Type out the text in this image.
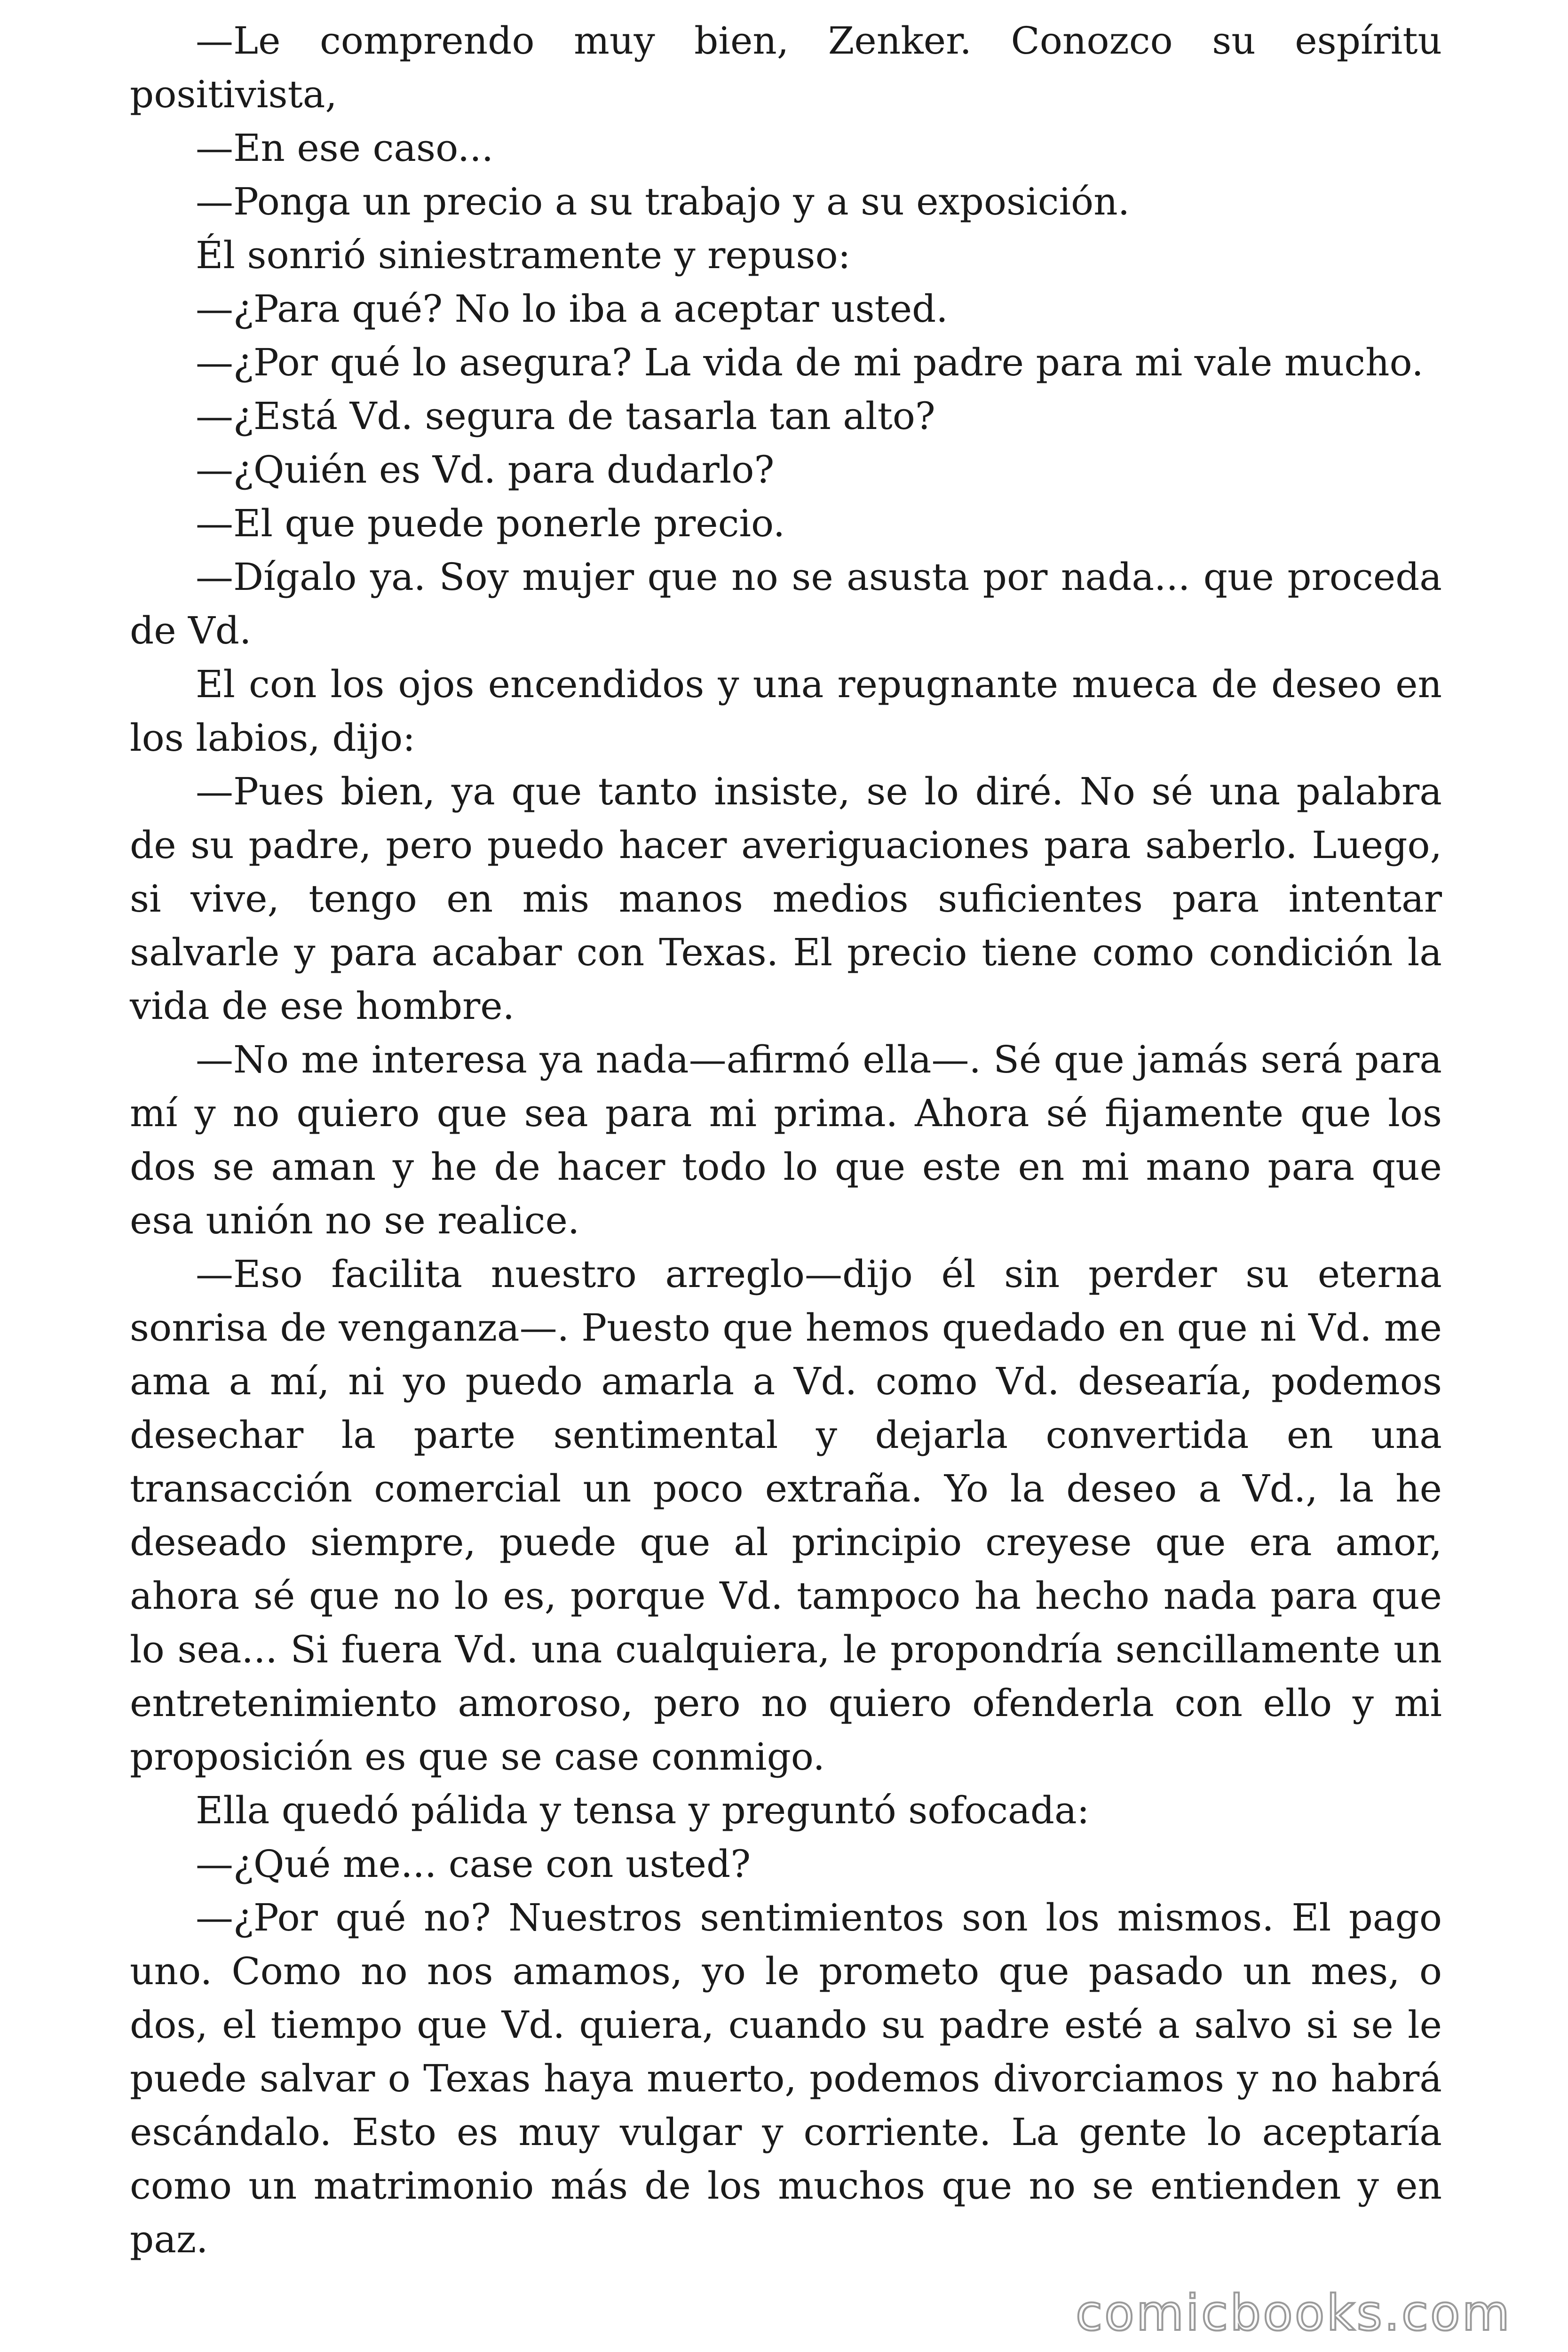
—Le comprendo muy bien, Zenker. Conozco su espíritu positivista,

—En ese caso...

—Ponga un precio a su trabajo y a su exposición.

Él sonrió siniestramente y repuso:

—¿Para qué? No lo iba a aceptar usted.

—¿Por qué lo asegura? La vida de mi padre para mi vale mucho.

—¿Está Vd. segura de tasarla tan alto?

—¿Quién es Vd. para dudarlo?

—El que puede ponerle precio.

—Dígalo ya. Soy mujer que no se asusta por nada... que proceda de Vd.

El con los ojos encendidos y una repugnante mueca de deseo en los labios, dijo:

—Pues bien, ya que tanto insiste, se lo diré. No sé una palabra de su padre, pero puedo hacer averiguaciones para saberlo. Luego, si vive, tengo en mis manos medios suficientes para intentar salvarle y para acabar con Texas. El precio tiene como condición la vida de ese hombre.

—No me interesa ya nada—afirmó ella—. Sé que jamás será para mí y no quiero que sea para mi prima. Ahora sé fijamente que los dos se aman y he de hacer todo lo que este en mi mano para que esa unión no se realice.

—Eso facilita nuestro arreglo—dijo él sin perder su eterna sonrisa de venganza—. Puesto que hemos quedado en que ni Vd. me ama a mí, ni yo puedo amarla a Vd. como Vd. desearía, podemos desechar la parte sentimental y dejarla convertida en una transacción comercial un poco extraña. Yo la deseo a Vd., la he deseado siempre, puede que al principio creyese que era amor, ahora sé que no lo es, porque Vd. tampoco ha hecho nada para que lo sea... Si fuera Vd. una cualquiera, le propondría sencillamente un entretenimiento amoroso, pero no quiero ofenderla con ello y mi proposición es que se case conmigo.

Ella quedó pálida y tensa y preguntó sofocada:

—¿Qué me... case con usted?

—¿Por qué no? Nuestros sentimientos son los mismos. El pago uno. Como no nos amamos, yo le prometo que pasado un mes, o dos, el tiempo que Vd. quiera, cuando su padre esté a salvo si se le puede salvar o Texas haya muerto, podemos divorciamos y no habrá escándalo. Esto es muy vulgar y corriente. La gente lo aceptaría como un matrimonio más de los muchos que no se entienden y en paz.

comicbooks.com
